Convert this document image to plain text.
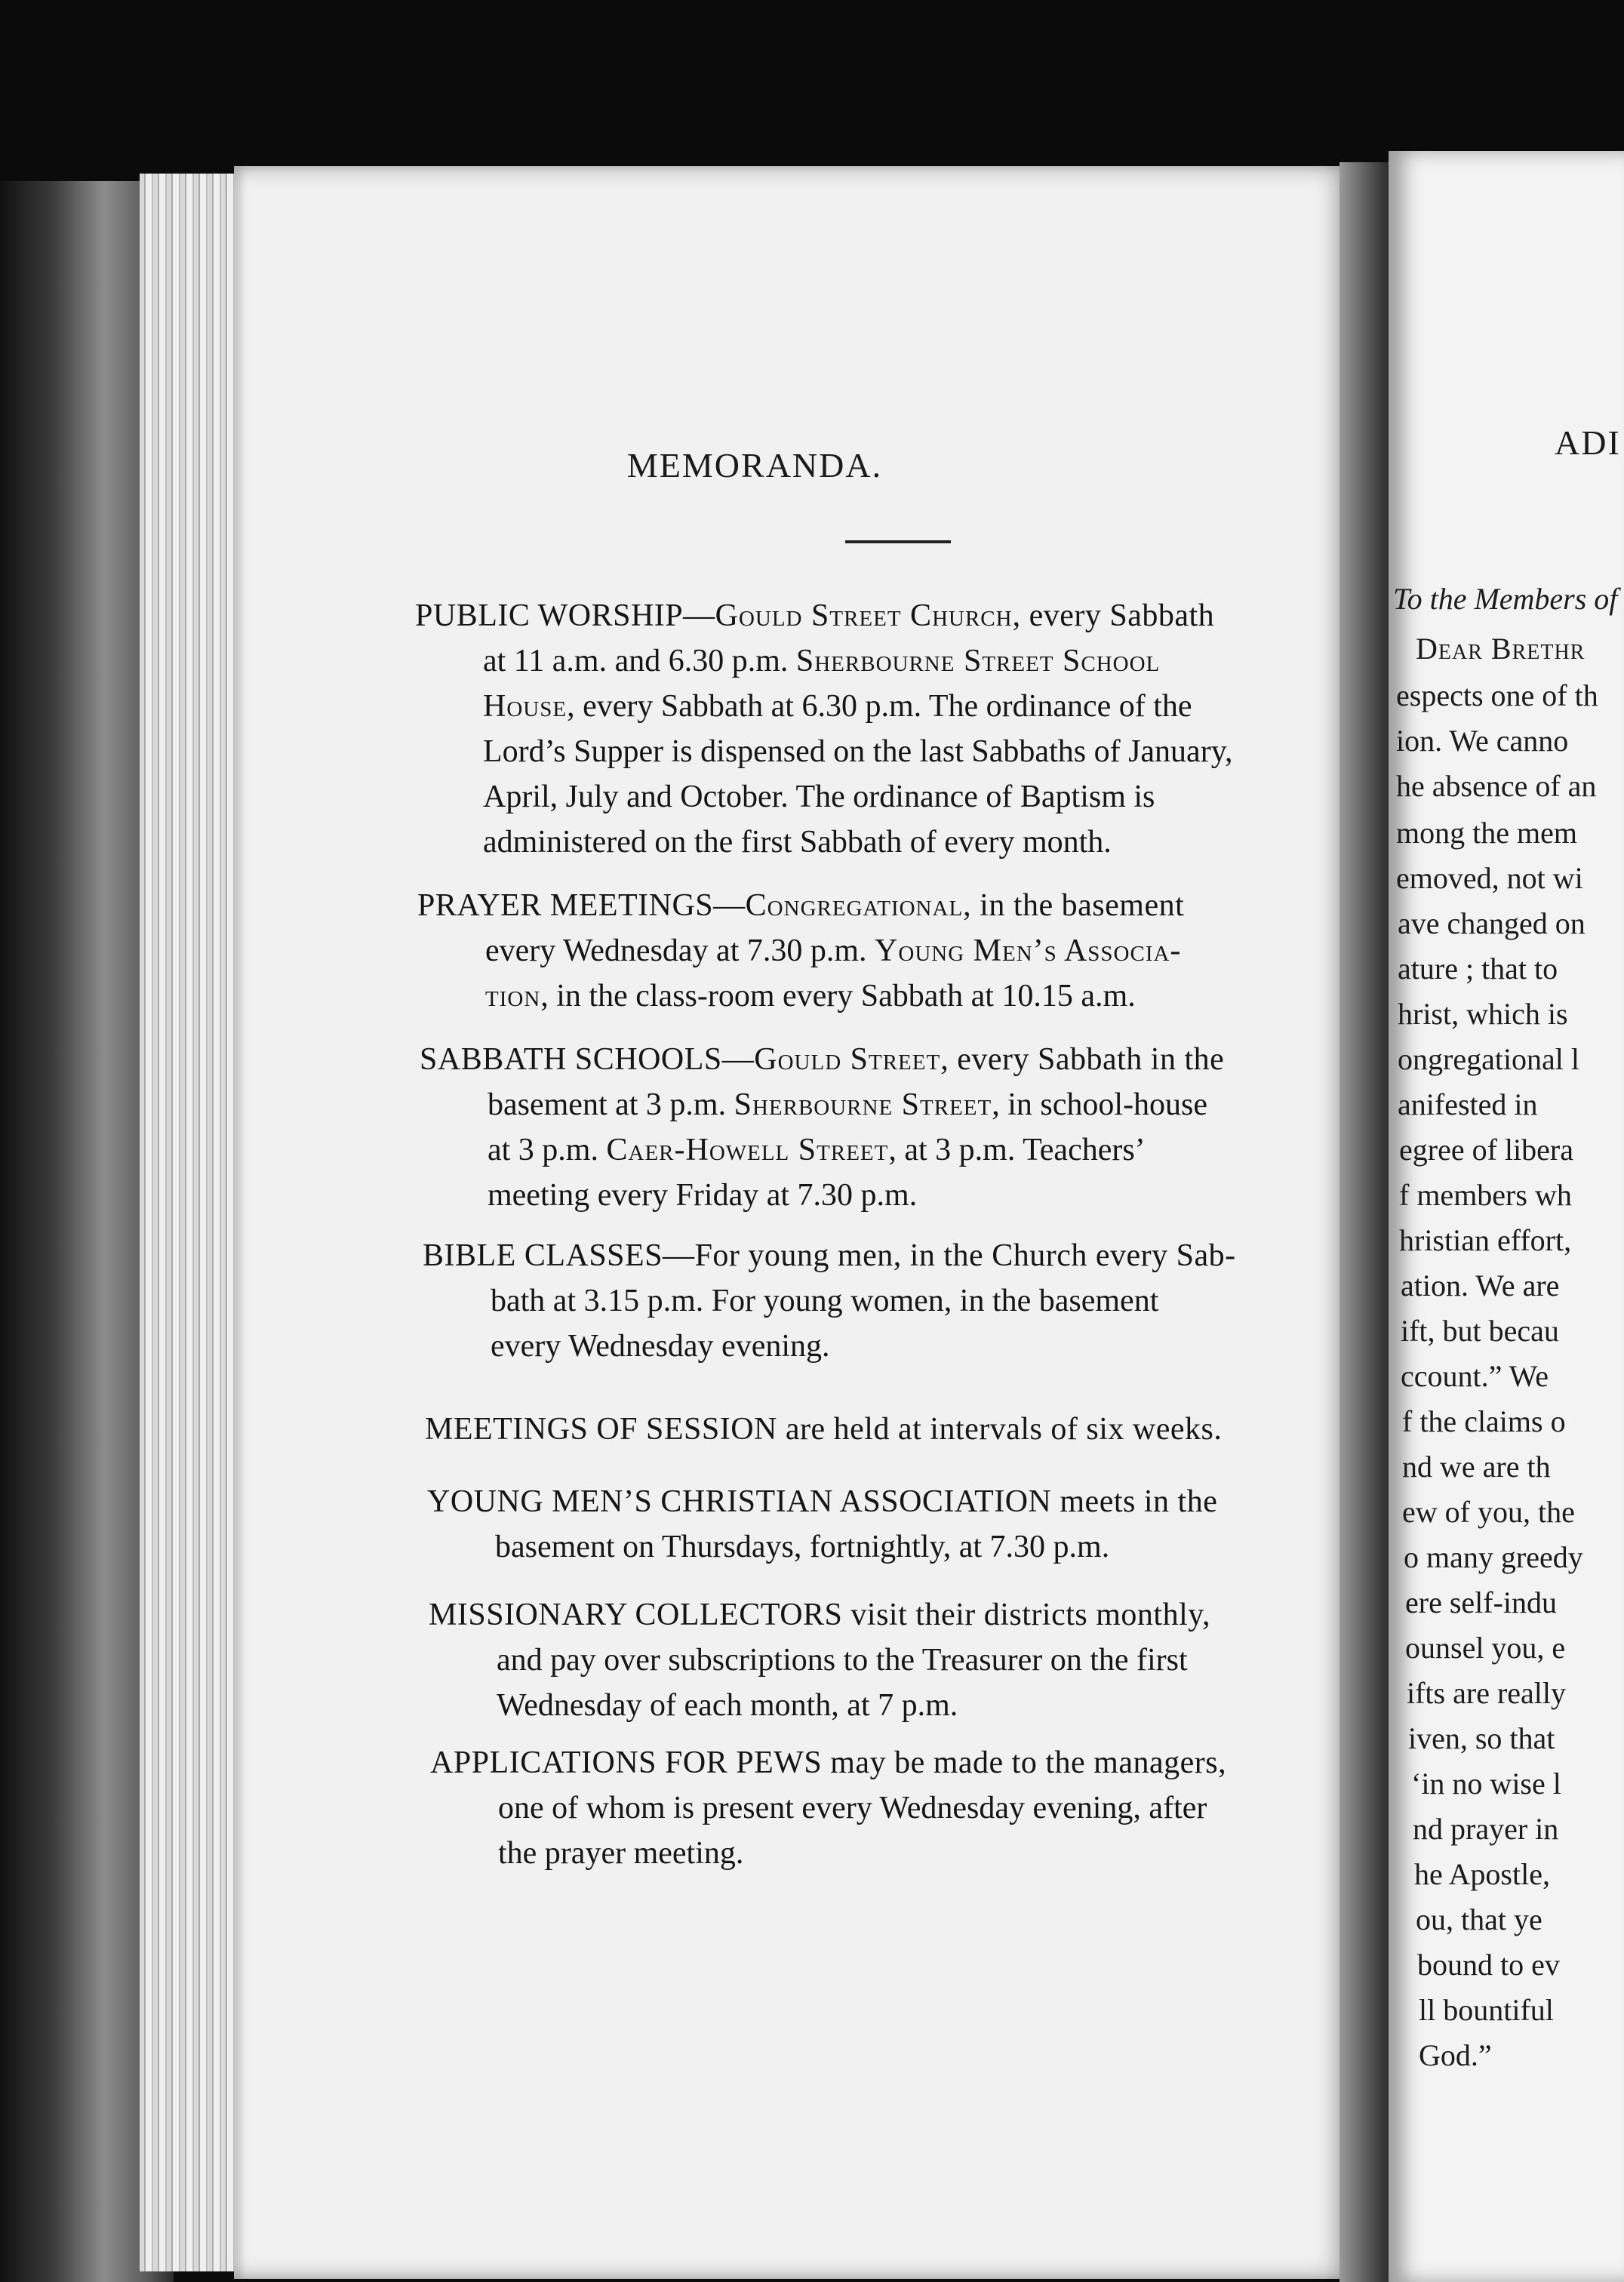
MEMORANDA.

PUBLIC WORSHIP—Gould Street Church, every Sabbath

at 11 a.m. and 6.30 p.m. Sherbourne Street School

House, every Sabbath at 6.30 p.m. The ordinance of the

Lord’s Supper is dispensed on the last Sabbaths of January,

April, July and October. The ordinance of Baptism is

administered on the first Sabbath of every month.

PRAYER MEETINGS—Congregational, in the basement

every Wednesday at 7.30 p.m. Young Men’s Associa-

tion, in the class-room every Sabbath at 10.15 a.m.

SABBATH SCHOOLS—Gould Street, every Sabbath in the

basement at 3 p.m. Sherbourne Street, in school-house

at 3 p.m. Caer-Howell Street, at 3 p.m. Teachers’

meeting every Friday at 7.30 p.m.

BIBLE CLASSES—For young men, in the Church every Sab-

bath at 3.15 p.m. For young women, in the basement

every Wednesday evening.

MEETINGS OF SESSION are held at intervals of six weeks.

YOUNG MEN’S CHRISTIAN ASSOCIATION meets in the

basement on Thursdays, fortnightly, at 7.30 p.m.

MISSIONARY COLLECTORS visit their districts monthly,

and pay over subscriptions to the Treasurer on the first

Wednesday of each month, at 7 p.m.

APPLICATIONS FOR PEWS may be made to the managers,

one of whom is present every Wednesday evening, after

the prayer meeting.

ADI
To the Members of
Dear Brethr
espects one of th
ion. We canno
he absence of an
mong the mem
emoved, not wi
ave changed on
ature ; that to
hrist, which is
ongregational l
anifested in
egree of libera
f members wh
hristian effort,
ation. We are
ift, but becau
ccount.” We
f the claims o
nd we are th
ew of you, the
o many greedy
ere self-indu
ounsel you, e
ifts are really
iven, so that
‘in no wise l
nd prayer in
he Apostle,
ou, that ye
bound to ev
ll bountiful
God.”
